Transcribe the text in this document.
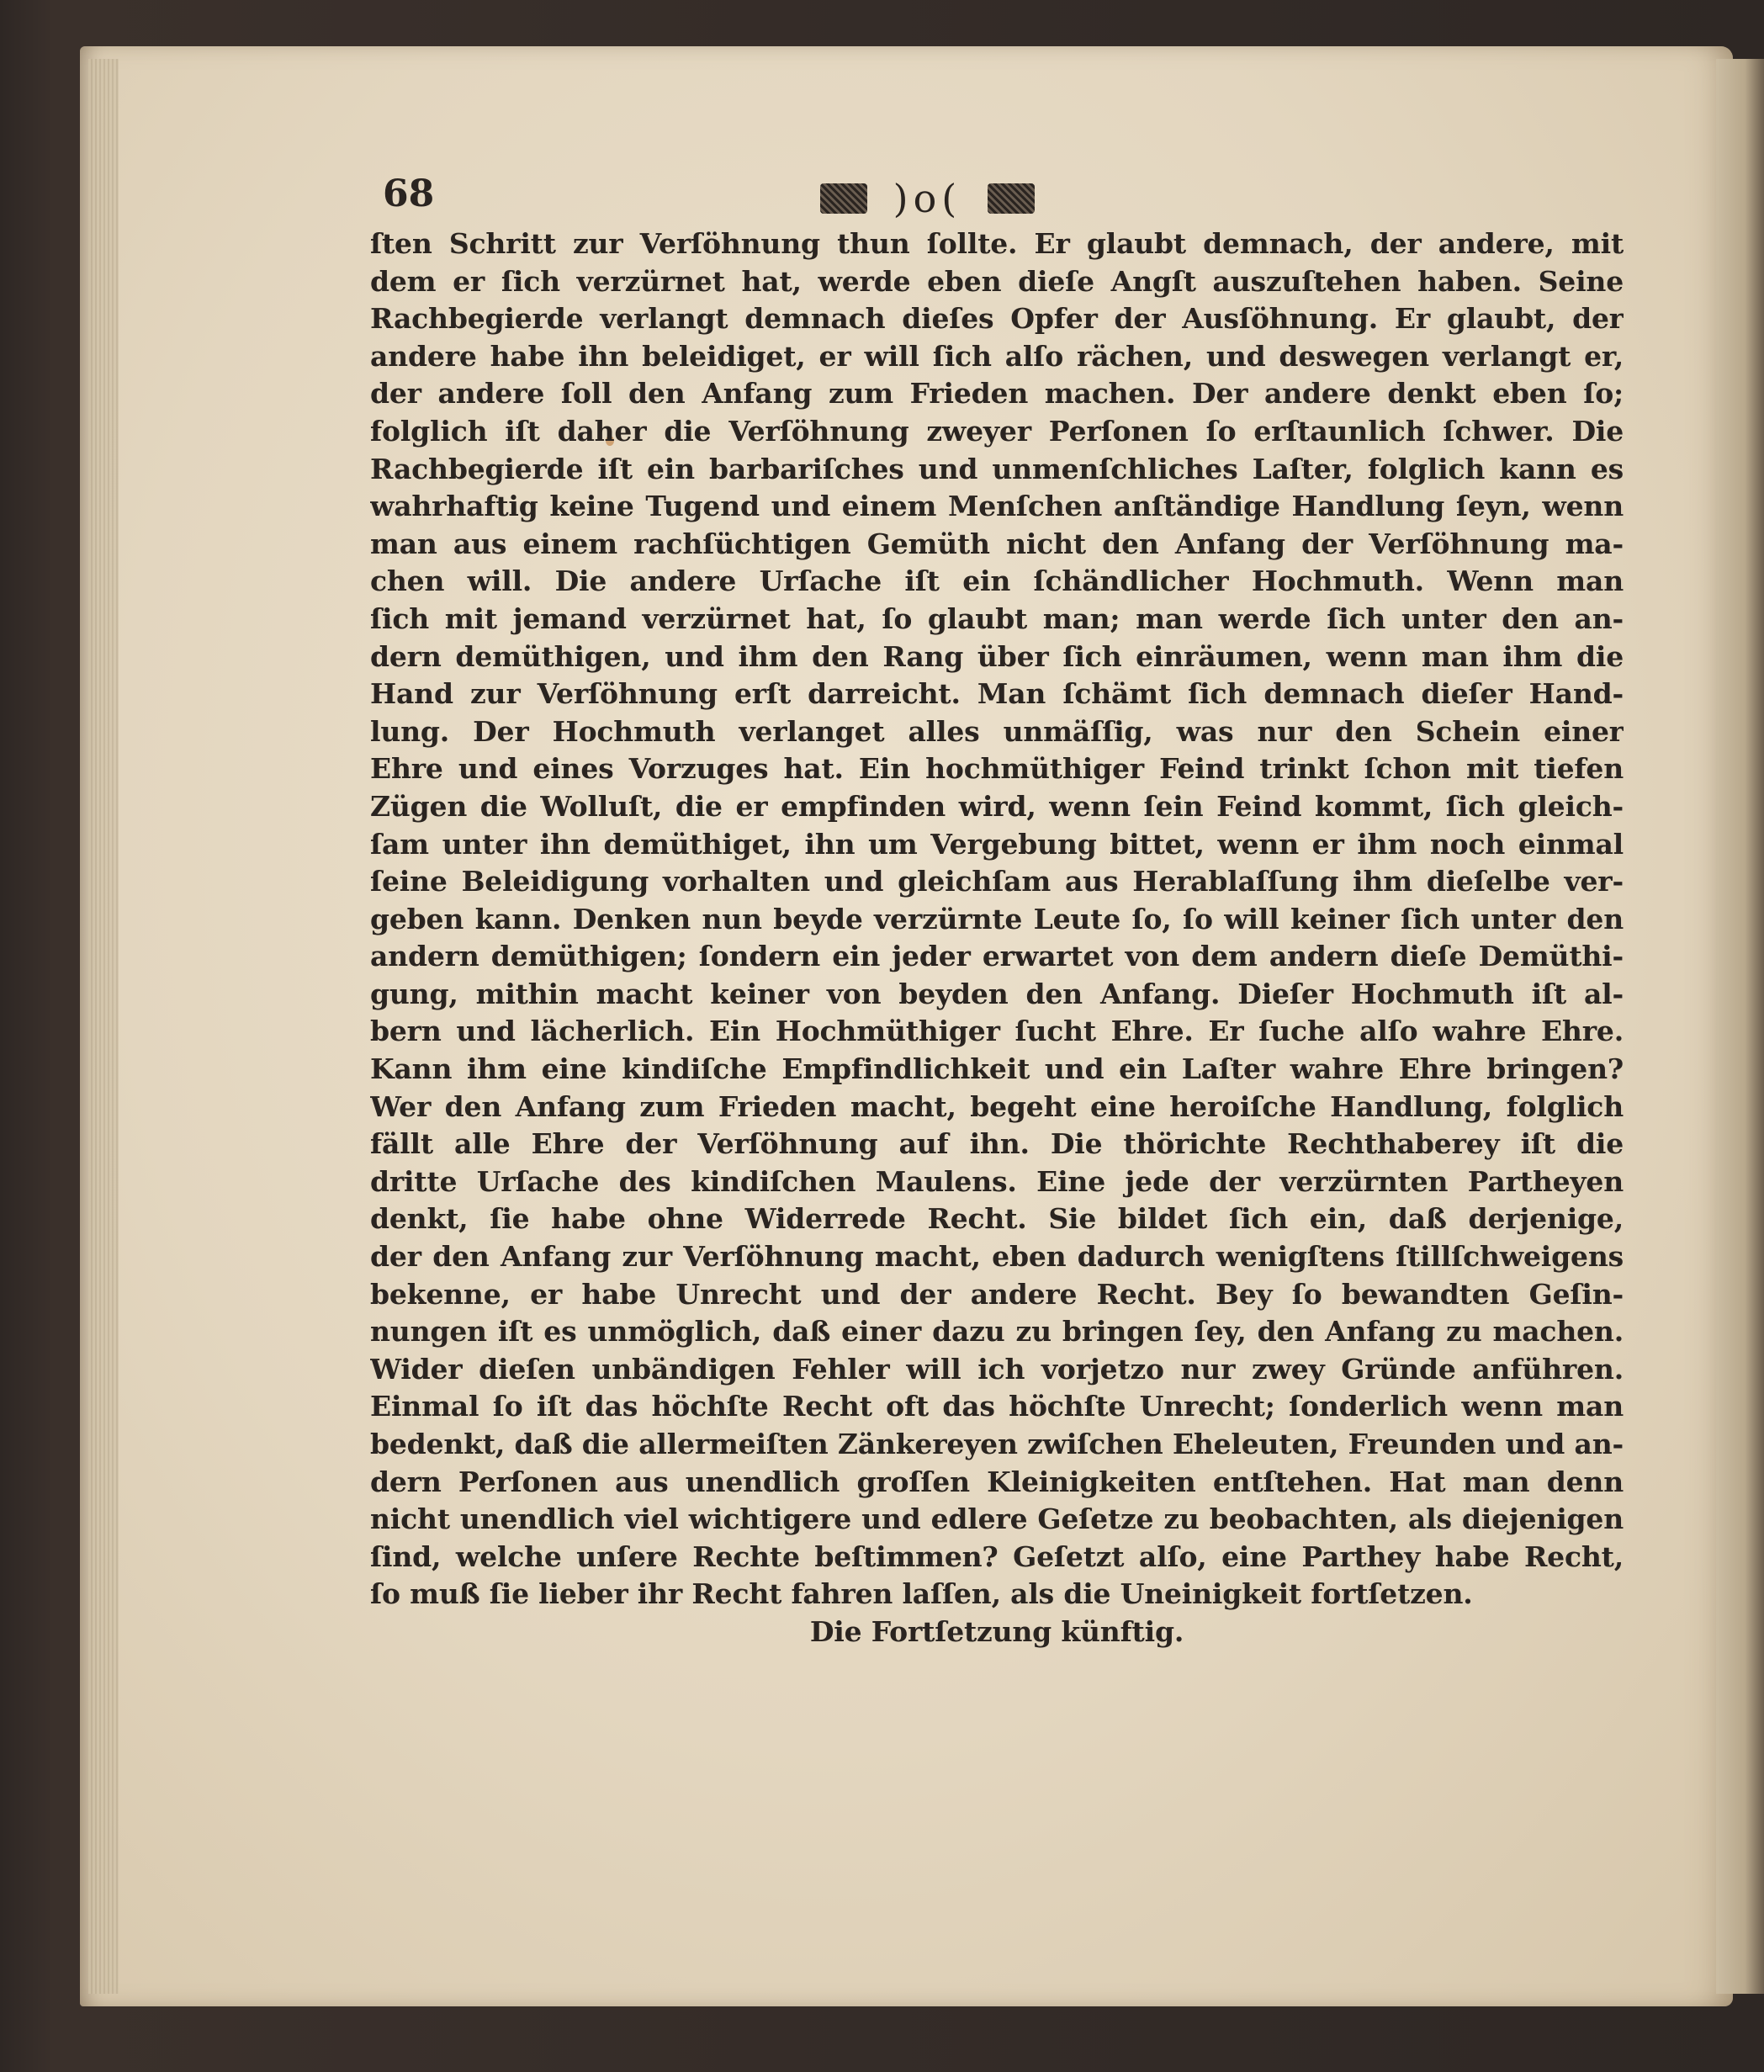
68	)o(
ſten Schritt zur Verſöhnung thun ſollte. Er glaubt demnach, der andere, mit
dem er ſich verzürnet hat, werde eben dieſe Angſt auszuſtehen haben. Seine
Rachbegierde verlangt demnach dieſes Opfer der Ausſöhnung. Er glaubt, der
andere habe ihn beleidiget, er will ſich alſo rächen, und deswegen verlangt er,
der andere ſoll den Anfang zum Frieden machen. Der andere denkt eben ſo;
folglich iſt daher die Verſöhnung zweyer Perſonen ſo erſtaunlich ſchwer. Die
Rachbegierde iſt ein barbariſches und unmenſchliches Laſter, folglich kann es
wahrhaftig keine Tugend und einem Menſchen anſtändige Handlung ſeyn, wenn
man aus einem rachſüchtigen Gemüth nicht den Anfang der Verſöhnung ma-
chen will. Die andere Urſache iſt ein ſchändlicher Hochmuth. Wenn man
ſich mit jemand verzürnet hat, ſo glaubt man; man werde ſich unter den an-
dern demüthigen, und ihm den Rang über ſich einräumen, wenn man ihm die
Hand zur Verſöhnung erſt darreicht. Man ſchämt ſich demnach dieſer Hand-
lung. Der Hochmuth verlanget alles unmäſſig, was nur den Schein einer
Ehre und eines Vorzuges hat. Ein hochmüthiger Feind trinkt ſchon mit tiefen
Zügen die Wolluſt, die er empfinden wird, wenn ſein Feind kommt, ſich gleich-
ſam unter ihn demüthiget, ihn um Vergebung bittet, wenn er ihm noch einmal
ſeine Beleidigung vorhalten und gleichſam aus Herablaſſung ihm dieſelbe ver-
geben kann. Denken nun beyde verzürnte Leute ſo, ſo will keiner ſich unter den
andern demüthigen; ſondern ein jeder erwartet von dem andern dieſe Demüthi-
gung, mithin macht keiner von beyden den Anfang. Dieſer Hochmuth iſt al-
bern und lächerlich. Ein Hochmüthiger ſucht Ehre. Er ſuche alſo wahre Ehre.
Kann ihm eine kindiſche Empfindlichkeit und ein Laſter wahre Ehre bringen?
Wer den Anfang zum Frieden macht, begeht eine heroiſche Handlung, folglich
fällt alle Ehre der Verſöhnung auf ihn. Die thörichte Rechthaberey iſt die
dritte Urſache des kindiſchen Maulens. Eine jede der verzürnten Partheyen
denkt, ſie habe ohne Widerrede Recht. Sie bildet ſich ein, daß derjenige,
der den Anfang zur Verſöhnung macht, eben dadurch wenigſtens ſtillſchweigens
bekenne, er habe Unrecht und der andere Recht. Bey ſo bewandten Geſin-
nungen iſt es unmöglich, daß einer dazu zu bringen ſey, den Anfang zu machen.
Wider dieſen unbändigen Fehler will ich vorjetzo nur zwey Gründe anführen.
Einmal ſo iſt das höchſte Recht oft das höchſte Unrecht; ſonderlich wenn man
bedenkt, daß die allermeiſten Zänkereyen zwiſchen Eheleuten, Freunden und an-
dern Perſonen aus unendlich groſſen Kleinigkeiten entſtehen. Hat man denn
nicht unendlich viel wichtigere und edlere Geſetze zu beobachten, als diejenigen
ſind, welche unſere Rechte beſtimmen? Geſetzt alſo, eine Parthey habe Recht,
ſo muß ſie lieber ihr Recht fahren laſſen, als die Uneinigkeit fortſetzen.
Die Fortſetzung künftig.
